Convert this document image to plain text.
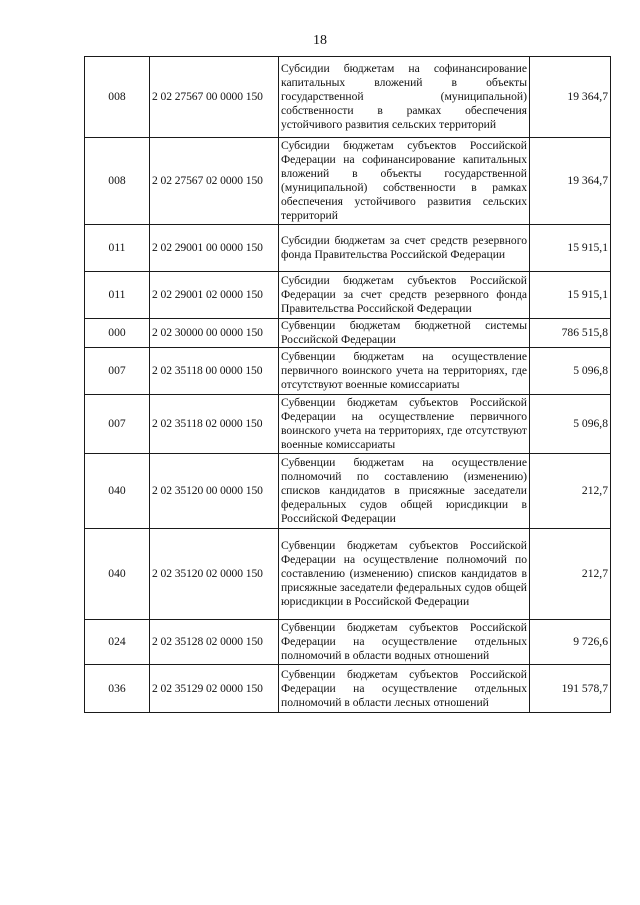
18
008	2 02 27567 00 0000 150	Субсидии бюджетам на софинансирование капитальных вложений в объекты государственной (муниципальной) собственности в рамках обеспечения устойчивого развития сельских территорий	19 364,7
008	2 02 27567 02 0000 150	Субсидии бюджетам субъектов Российской Федерации на софинансирование капитальных вложений в объекты государственной (муниципальной) собственности в рамках обеспечения устойчивого развития сельских территорий	19 364,7
011	2 02 29001 00 0000 150	Субсидии бюджетам за счет средств резервного фонда Правительства Российской Федерации	15 915,1
011	2 02 29001 02 0000 150	Субсидии бюджетам субъектов Российской Федерации за счет средств резервного фонда Правительства Российской Федерации	15 915,1
000	2 02 30000 00 0000 150	Субвенции бюджетам бюджетной системы Российской Федерации	786 515,8
007	2 02 35118 00 0000 150	Субвенции бюджетам на осуществление первичного воинского учета на территориях, где отсутствуют военные комиссариаты	5 096,8
007	2 02 35118 02 0000 150	Субвенции бюджетам субъектов Российской Федерации на осуществление первичного воинского учета на территориях, где отсутствуют военные комиссариаты	5 096,8
040	2 02 35120 00 0000 150	Субвенции бюджетам на осуществление полномочий по составлению (изменению) списков кандидатов в присяжные заседатели федеральных судов общей юрисдикции в Российской Федерации	212,7
040	2 02 35120 02 0000 150	Субвенции бюджетам субъектов Российской Федерации на осуществление полномочий по составлению (изменению) списков кандидатов в присяжные заседатели федеральных судов общей юрисдикции в Российской Федерации	212,7
024	2 02 35128 02 0000 150	Субвенции бюджетам субъектов Российской Федерации на осуществление отдельных полномочий в области водных отношений	9 726,6
036	2 02 35129 02 0000 150	Субвенции бюджетам субъектов Российской Федерации на осуществление отдельных полномочий в области лесных отношений	191 578,7
